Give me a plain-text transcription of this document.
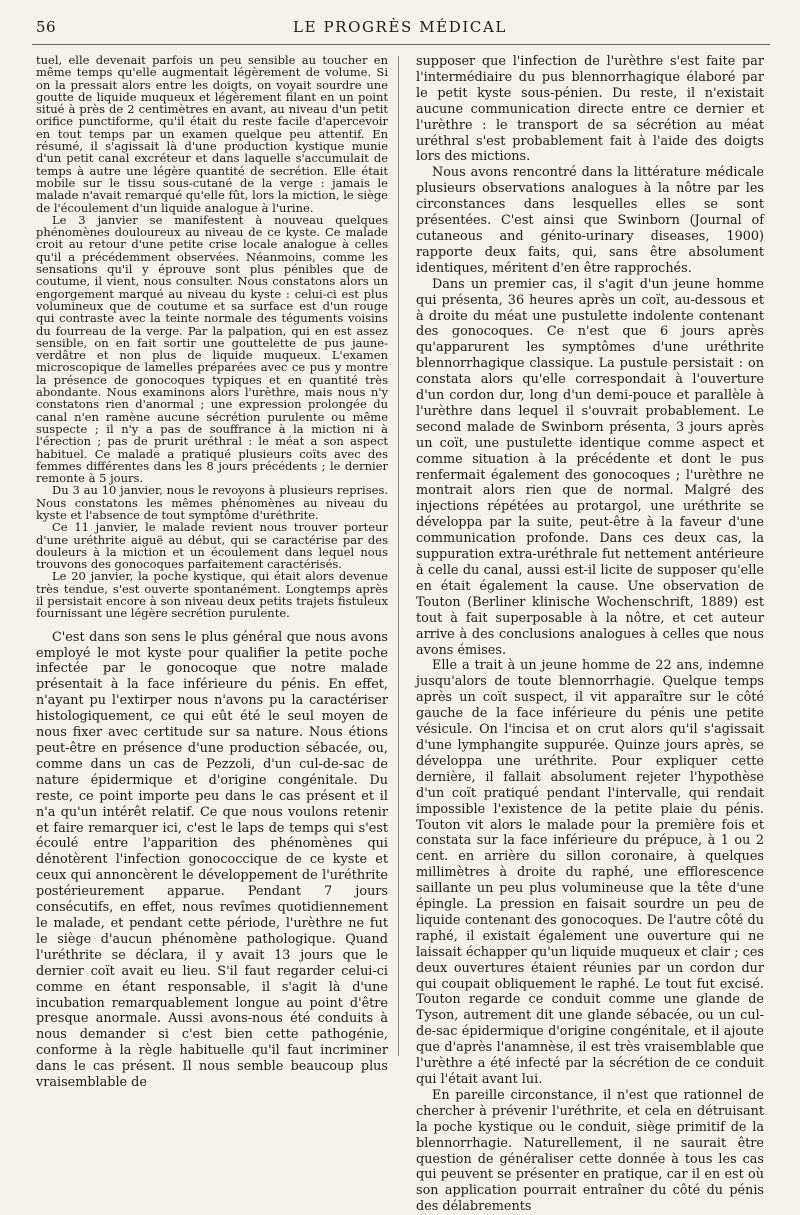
56	LE PROGRÈS MÉDICAL

tuel, elle devenait parfois un peu sensible au toucher en même temps qu'elle augmentait légèrement de volume. Si on la pressait alors entre les doigts, on voyait sourdre une goutte de liquide muqueux et légèrement filant en un point situé à près de 2 centimètres en avant, au niveau d'un petit orifice punctiforme, qu'il était du reste facile d'apercevoir en tout temps par un examen quelque peu attentif. En résumé, il s'agissait là d'une production kystique munie d'un petit canal excréteur et dans laquelle s'accumulait de temps à autre une légère quantité de secrétion. Elle était mobile sur le tissu sous-cutané de la verge : jamais le malade n'avait remarqué qu'elle fût, lors la miction, le siège de l'écoulement d'un liquide analogue à l'urine.

Le 3 janvier se manifestent à nouveau quelques phénomènes douloureux au niveau de ce kyste. Ce malade croit au retour d'une petite crise locale analogue à celles qu'il a précédemment observées. Néanmoins, comme les sensations qu'il y éprouve sont plus pénibles que de coutume, il vient, nous consulter. Nous constatons alors un engorgement marqué au niveau du kyste : celui-ci est plus volumineux que de coutume et sa surface est d'un rouge qui contraste avec la teinte normale des téguments voisins du fourreau de la verge. Par la palpation, qui en est assez sensible, on en fait sortir une gouttelette de pus jaune-verdâtre et non plus de liquide muqueux. L'examen microscopique de lamelles préparées avec ce pus y montre la présence de gonocoques typiques et en quantité très abondante. Nous examinons alors l'urèthre, mais nous n'y constatons rien d'anormal ; une expression prolongée du canal n'en ramène aucune sécrétion purulente ou même suspecte ; il n'y a pas de souffrance à la miction ni à l'érection ; pas de prurit uréthral : le méat a son aspect habituel. Ce malade a pratiqué plusieurs coïts avec des femmes différentes dans les 8 jours précédents ; le dernier remonte à 5 jours.

Du 3 au 10 janvier, nous le revoyons à plusieurs reprises. Nous constatons les mêmes phénomènes au niveau du kyste et l'absence de tout symptôme d'uréthrite.

Ce 11 janvier, le malade revient nous trouver porteur d'une uréthrite aiguë au début, qui se caractérise par des douleurs à la miction et un écoulement dans lequel nous trouvons des gonocoques parfaitement caractérisés.

Le 20 janvier, la poche kystique, qui était alors devenue très tendue, s'est ouverte spontanément. Longtemps après il persistait encore à son niveau deux petits trajets fistuleux fournissant une légère secrétion purulente.

C'est dans son sens le plus général que nous avons employé le mot kyste pour qualifier la petite poche infectée par le gonocoque que notre malade présentait à la face inférieure du pénis. En effet, n'ayant pu l'extirper nous n'avons pu la caractériser histologiquement, ce qui eût été le seul moyen de nous fixer avec certitude sur sa nature. Nous étions peut-être en présence d'une production sébacée, ou, comme dans un cas de Pezzoli, d'un cul-de-sac de nature épidermique et d'origine congénitale. Du reste, ce point importe peu dans le cas présent et il n'a qu'un intérêt relatif. Ce que nous voulons retenir et faire remarquer ici, c'est le laps de temps qui s'est écoulé entre l'apparition des phénomènes qui dénotèrent l'infection gonococcique de ce kyste et ceux qui annoncèrent le développement de l'uréthrite postérieurement apparue. Pendant 7 jours consécutifs, en effet, nous revîmes quotidiennement le malade, et pendant cette période, l'urèthre ne fut le siège d'aucun phénomène pathologique. Quand l'uréthrite se déclara, il y avait 13 jours que le dernier coït avait eu lieu. S'il faut regarder celui-ci comme en étant responsable, il s'agit là d'une incubation remarquablement longue au point d'être presque anormale. Aussi avons-nous été conduits à nous demander si c'est bien cette pathogénie, conforme à la règle habituelle qu'il faut incriminer dans le cas présent. Il nous semble beaucoup plus vraisemblable de

supposer que l'infection de l'urèthre s'est faite par l'intermédiaire du pus blennorrhagique élaboré par le petit kyste sous-pénien. Du reste, il n'existait aucune communication directe entre ce dernier et l'urèthre : le transport de sa sécrétion au méat uréthral s'est probablement fait à l'aide des doigts lors des mictions.

Nous avons rencontré dans la littérature médicale plusieurs observations analogues à la nôtre par les circonstances dans lesquelles elles se sont présentées. C'est ainsi que Swinborn (Journal of cutaneous and génito-urinary diseases, 1900) rapporte deux faits, qui, sans être absolument identiques, méritent d'en être rapprochés.

Dans un premier cas, il s'agit d'un jeune homme qui présenta, 36 heures après un coït, au-dessous et à droite du méat une pustulette indolente contenant des gonocoques. Ce n'est que 6 jours après qu'apparurent les symptômes d'une uréthrite blennorrhagique classique. La pustule persistait : on constata alors qu'elle correspondait à l'ouverture d'un cordon dur, long d'un demi-pouce et parallèle à l'urèthre dans lequel il s'ouvrait probablement. Le second malade de Swinborn présenta, 3 jours après un coït, une pustulette identique comme aspect et comme situation à la précédente et dont le pus renfermait également des gonocoques ; l'urèthre ne montrait alors rien que de normal. Malgré des injections répétées au protargol, une uréthrite se développa par la suite, peut-être à la faveur d'une communication profonde. Dans ces deux cas, la suppuration extra-uréthrale fut nettement antérieure à celle du canal, aussi est-il licite de supposer qu'elle en était également la cause. Une observation de Touton (Berliner klinische Wochenschrift, 1889) est tout à fait superposable à la nôtre, et cet auteur arrive à des conclusions analogues à celles que nous avons émises.

Elle a trait à un jeune homme de 22 ans, indemne jusqu'alors de toute blennorrhagie. Quelque temps après un coït suspect, il vit apparaître sur le côté gauche de la face inférieure du pénis une petite vésicule. On l'incisa et on crut alors qu'il s'agissait d'une lymphangite suppurée. Quinze jours après, se développa une uréthrite. Pour expliquer cette dernière, il fallait absolument rejeter l'hypothèse d'un coït pratiqué pendant l'intervalle, qui rendait impossible l'existence de la petite plaie du pénis. Touton vit alors le malade pour la première fois et constata sur la face inférieure du prépuce, à 1 ou 2 cent. en arrière du sillon coronaire, à quelques millimètres à droite du raphé, une efflorescence saillante un peu plus volumineuse que la tête d'une épingle. La pression en faisait sourdre un peu de liquide contenant des gonocoques. De l'autre côté du raphé, il existait également une ouverture qui ne laissait échapper qu'un liquide muqueux et clair ; ces deux ouvertures étaient réunies par un cordon dur qui coupait obliquement le raphé. Le tout fut excisé. Touton regarde ce conduit comme une glande de Tyson, autrement dit une glande sébacée, ou un cul-de-sac épidermique d'origine congénitale, et il ajoute que d'après l'anamnèse, il est très vraisemblable que l'urèthre a été infecté par la sécrétion de ce conduit qui l'était avant lui.

En pareille circonstance, il n'est que rationnel de chercher à prévenir l'uréthrite, et cela en détruisant la poche kystique ou le conduit, siège primitif de la blennorrhagie. Naturellement, il ne saurait être question de généraliser cette donnée à tous les cas qui peuvent se présenter en pratique, car il en est où son application pourrait entraîner du côté du pénis des délabrements
